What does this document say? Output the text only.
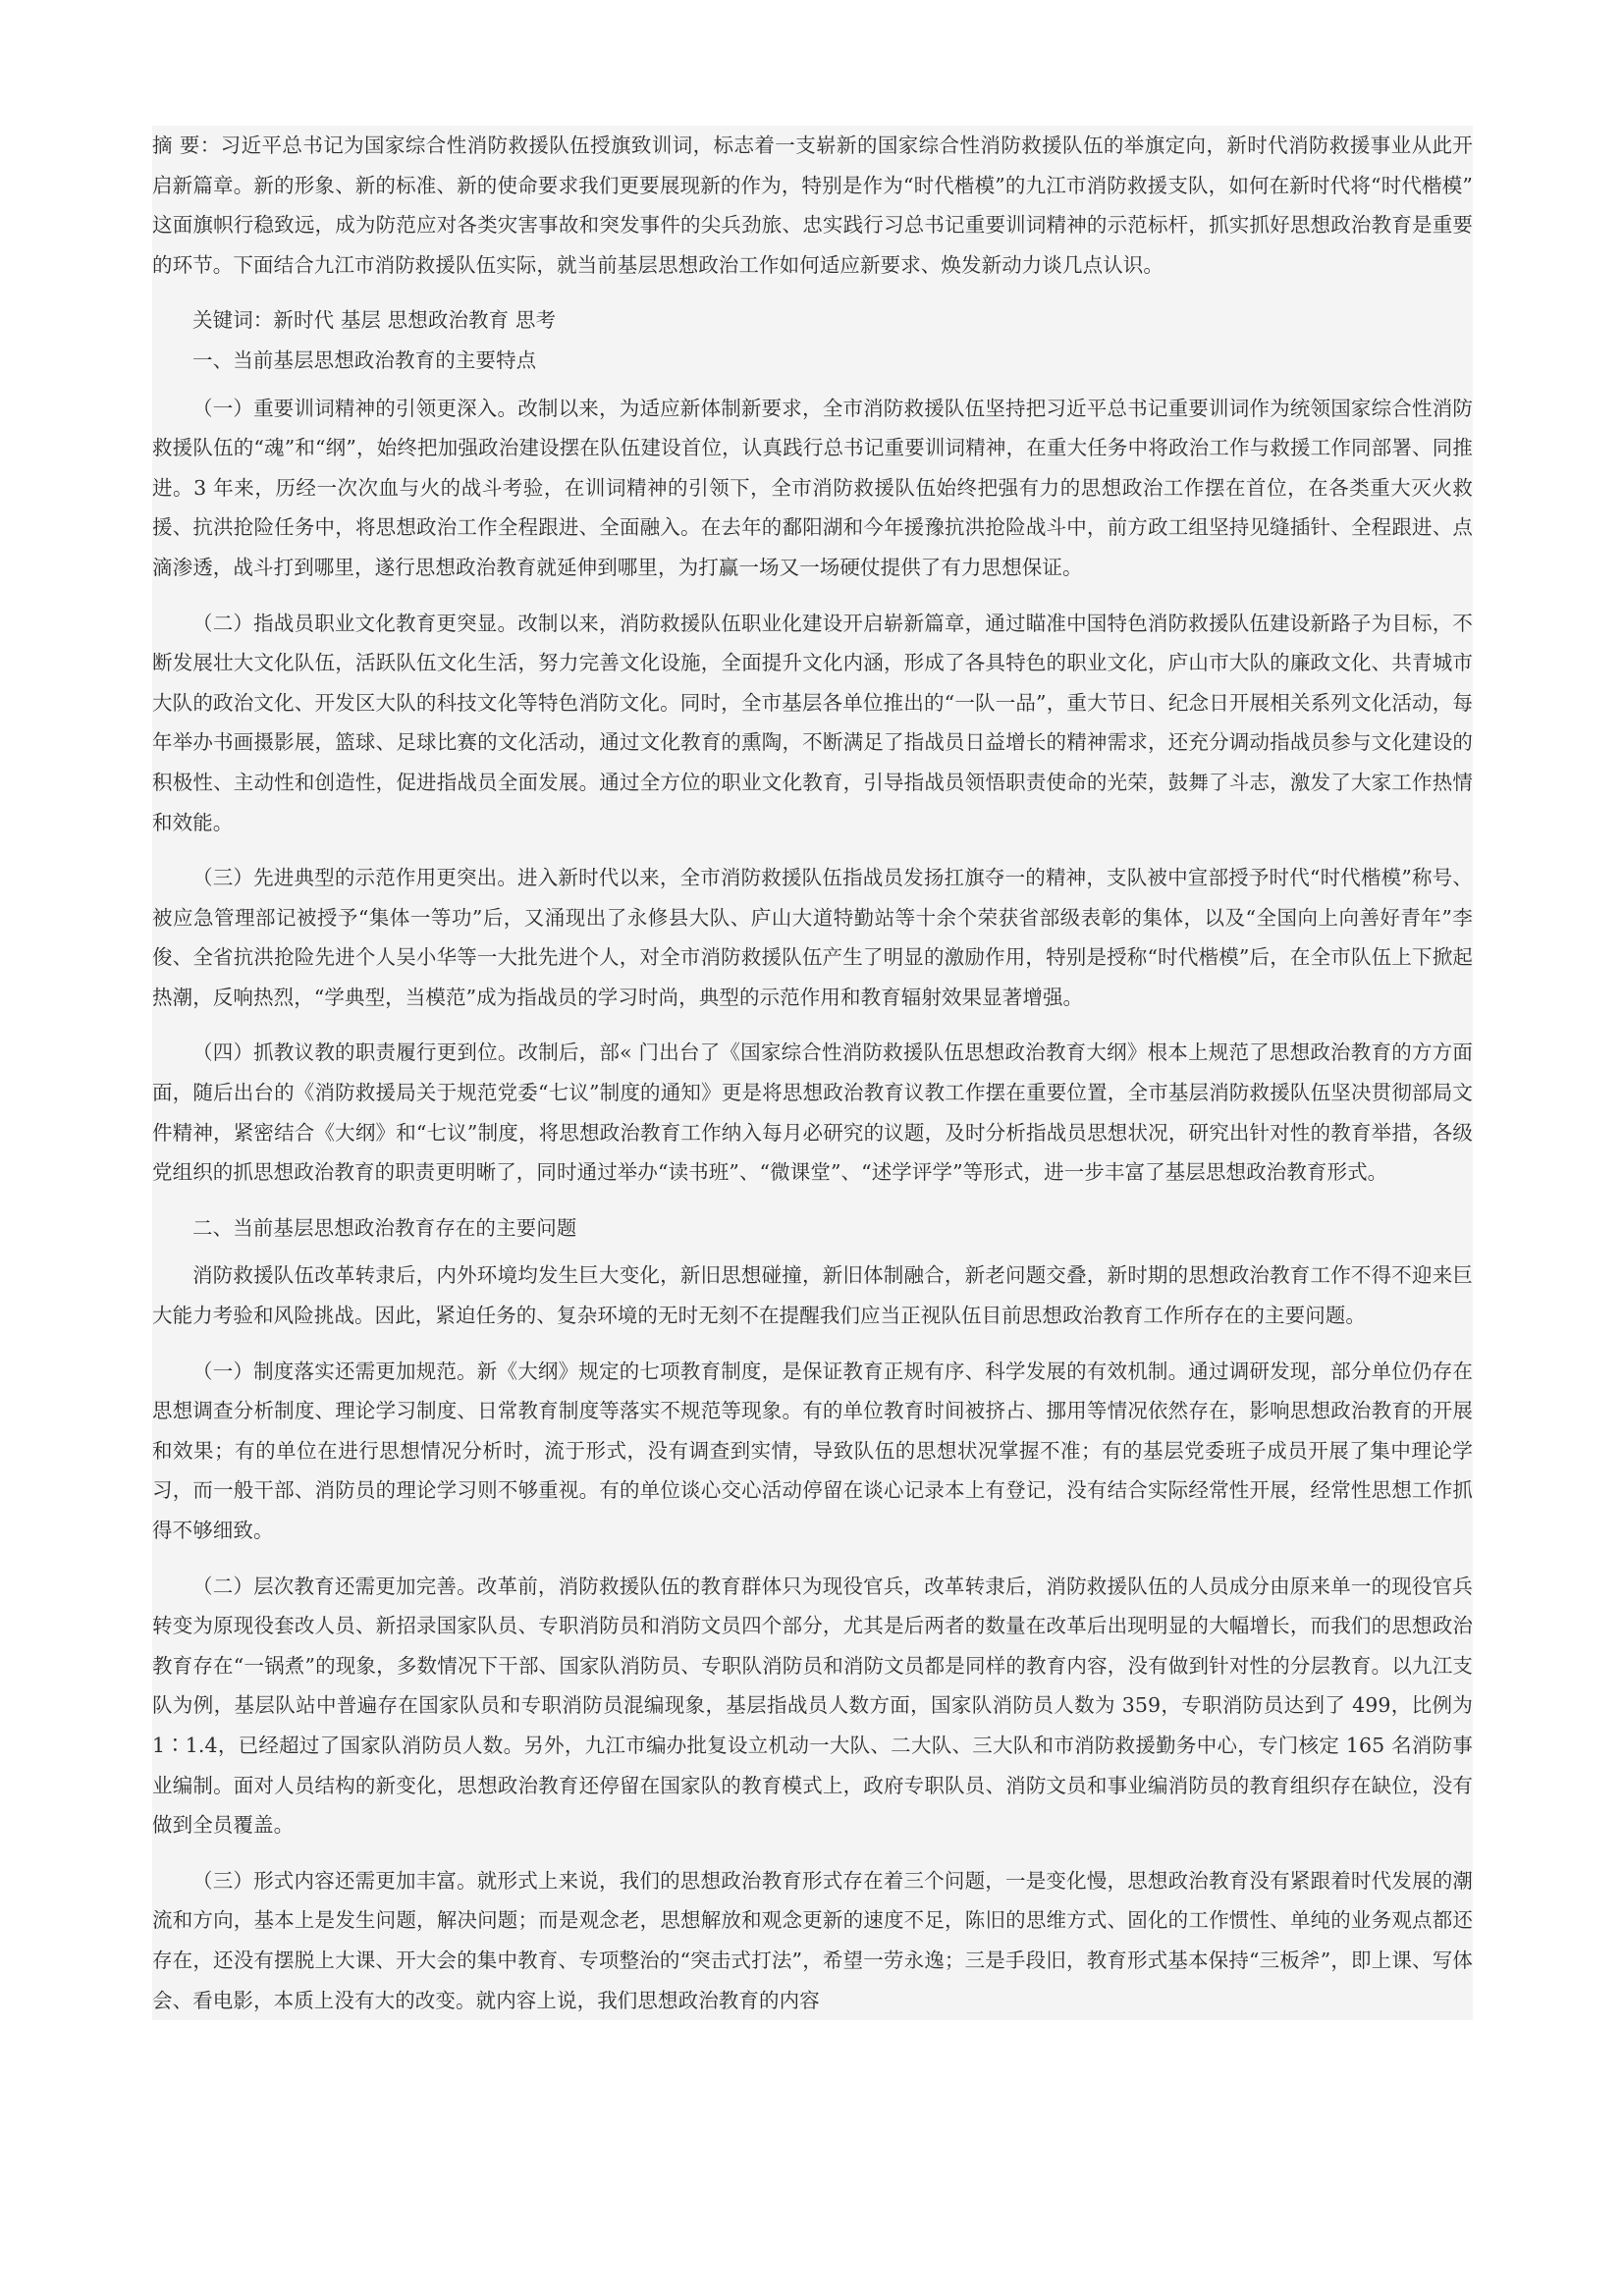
摘 要：习近平总书记为国家综合性消防救援队伍授旗致训词，标志着一支崭新的国家综合性消防救援队伍的举旗定向，新时代消防救援事业从此开启新篇章。新的形象、新的标准、新的使命要求我们更要展现新的作为，特别是作为“时代楷模”的九江市消防救援支队，如何在新时代将“时代楷模”这面旗帜行稳致远，成为防范应对各类灾害事故和突发事件的尖兵劲旅、忠实践行习总书记重要训词精神的示范标杆，抓实抓好思想政治教育是重要的环节。下面结合九江市消防救援队伍实际，就当前基层思想政治工作如何适应新要求、焕发新动力谈几点认识。

关键词：新时代 基层 思想政治教育 思考

一、当前基层思想政治教育的主要特点

（一）重要训词精神的引领更深入。改制以来，为适应新体制新要求，全市消防救援队伍坚持把习近平总书记重要训词作为统领国家综合性消防救援队伍的“魂”和“纲”，始终把加强政治建设摆在队伍建设首位，认真践行总书记重要训词精神，在重大任务中将政治工作与救援工作同部署、同推进。3 年来，历经一次次血与火的战斗考验，在训词精神的引领下，全市消防救援队伍始终把强有力的思想政治工作摆在首位，在各类重大灭火救援、抗洪抢险任务中，将思想政治工作全程跟进、全面融入。在去年的鄱阳湖和今年援豫抗洪抢险战斗中，前方政工组坚持见缝插针、全程跟进、点滴渗透，战斗打到哪里，遂行思想政治教育就延伸到哪里，为打赢一场又一场硬仗提供了有力思想保证。

（二）指战员职业文化教育更突显。改制以来，消防救援队伍职业化建设开启崭新篇章，通过瞄准中国特色消防救援队伍建设新路子为目标，不断发展壮大文化队伍，活跃队伍文化生活，努力完善文化设施，全面提升文化内涵，形成了各具特色的职业文化，庐山市大队的廉政文化、共青城市大队的政治文化、开发区大队的科技文化等特色消防文化。同时，全市基层各单位推出的“一队一品”，重大节日、纪念日开展相关系列文化活动，每年举办书画摄影展，篮球、足球比赛的文化活动，通过文化教育的熏陶，不断满足了指战员日益增长的精神需求，还充分调动指战员参与文化建设的积极性、主动性和创造性，促进指战员全面发展。通过全方位的职业文化教育，引导指战员领悟职责使命的光荣，鼓舞了斗志，激发了大家工作热情和效能。

（三）先进典型的示范作用更突出。进入新时代以来，全市消防救援队伍指战员发扬扛旗夺一的精神，支队被中宣部授予时代“时代楷模”称号、被应急管理部记被授予“集体一等功”后，又涌现出了永修县大队、庐山大道特勤站等十余个荣获省部级表彰的集体，以及“全国向上向善好青年”李俊、全省抗洪抢险先进个人吴小华等一大批先进个人，对全市消防救援队伍产生了明显的激励作用，特别是授称“时代楷模”后，在全市队伍上下掀起热潮，反响热烈，“学典型，当模范”成为指战员的学习时尚，典型的示范作用和教育辐射效果显著增强。

（四）抓教议教的职责履行更到位。改制后，部« 门出台了《国家综合性消防救援队伍思想政治教育大纲》根本上规范了思想政治教育的方方面面，随后出台的《消防救援局关于规范党委“七议”制度的通知》更是将思想政治教育议教工作摆在重要位置，全市基层消防救援队伍坚决贯彻部局文件精神，紧密结合《大纲》和“七议”制度，将思想政治教育工作纳入每月必研究的议题，及时分析指战员思想状况，研究出针对性的教育举措，各级党组织的抓思想政治教育的职责更明晰了，同时通过举办“读书班”、“微课堂”、“述学评学”等形式，进一步丰富了基层思想政治教育形式。

二、当前基层思想政治教育存在的主要问题

消防救援队伍改革转隶后，内外环境均发生巨大变化，新旧思想碰撞，新旧体制融合，新老问题交叠，新时期的思想政治教育工作不得不迎来巨大能力考验和风险挑战。因此，紧迫任务的、复杂环境的无时无刻不在提醒我们应当正视队伍目前思想政治教育工作所存在的主要问题。

（一）制度落实还需更加规范。新《大纲》规定的七项教育制度，是保证教育正规有序、科学发展的有效机制。通过调研发现，部分单位仍存在思想调查分析制度、理论学习制度、日常教育制度等落实不规范等现象。有的单位教育时间被挤占、挪用等情况依然存在，影响思想政治教育的开展和效果；有的单位在进行思想情况分析时，流于形式，没有调查到实情，导致队伍的思想状况掌握不准；有的基层党委班子成员开展了集中理论学习，而一般干部、消防员的理论学习则不够重视。有的单位谈心交心活动停留在谈心记录本上有登记，没有结合实际经常性开展，经常性思想工作抓得不够细致。

（二）层次教育还需更加完善。改革前，消防救援队伍的教育群体只为现役官兵，改革转隶后，消防救援队伍的人员成分由原来单一的现役官兵转变为原现役套改人员、新招录国家队员、专职消防员和消防文员四个部分，尤其是后两者的数量在改革后出现明显的大幅增长，而我们的思想政治教育存在“一锅煮”的现象，多数情况下干部、国家队消防员、专职队消防员和消防文员都是同样的教育内容，没有做到针对性的分层教育。以九江支队为例，基层队站中普遍存在国家队员和专职消防员混编现象，基层指战员人数方面，国家队消防员人数为 359，专职消防员达到了 499，比例为 1∶1.4，已经超过了国家队消防员人数。另外，九江市编办批复设立机动一大队、二大队、三大队和市消防救援勤务中心，专门核定 165 名消防事业编制。面对人员结构的新变化，思想政治教育还停留在国家队的教育模式上，政府专职队员、消防文员和事业编消防员的教育组织存在缺位，没有做到全员覆盖。

（三）形式内容还需更加丰富。就形式上来说，我们的思想政治教育形式存在着三个问题，一是变化慢，思想政治教育没有紧跟着时代发展的潮流和方向，基本上是发生问题，解决问题；而是观念老，思想解放和观念更新的速度不足，陈旧的思维方式、固化的工作惯性、单纯的业务观点都还存在，还没有摆脱上大课、开大会的集中教育、专项整治的“突击式打法”，希望一劳永逸；三是手段旧，教育形式基本保持“三板斧”，即上课、写体会、看电影，本质上没有大的改变。就内容上说，我们思想政治教育的内容
